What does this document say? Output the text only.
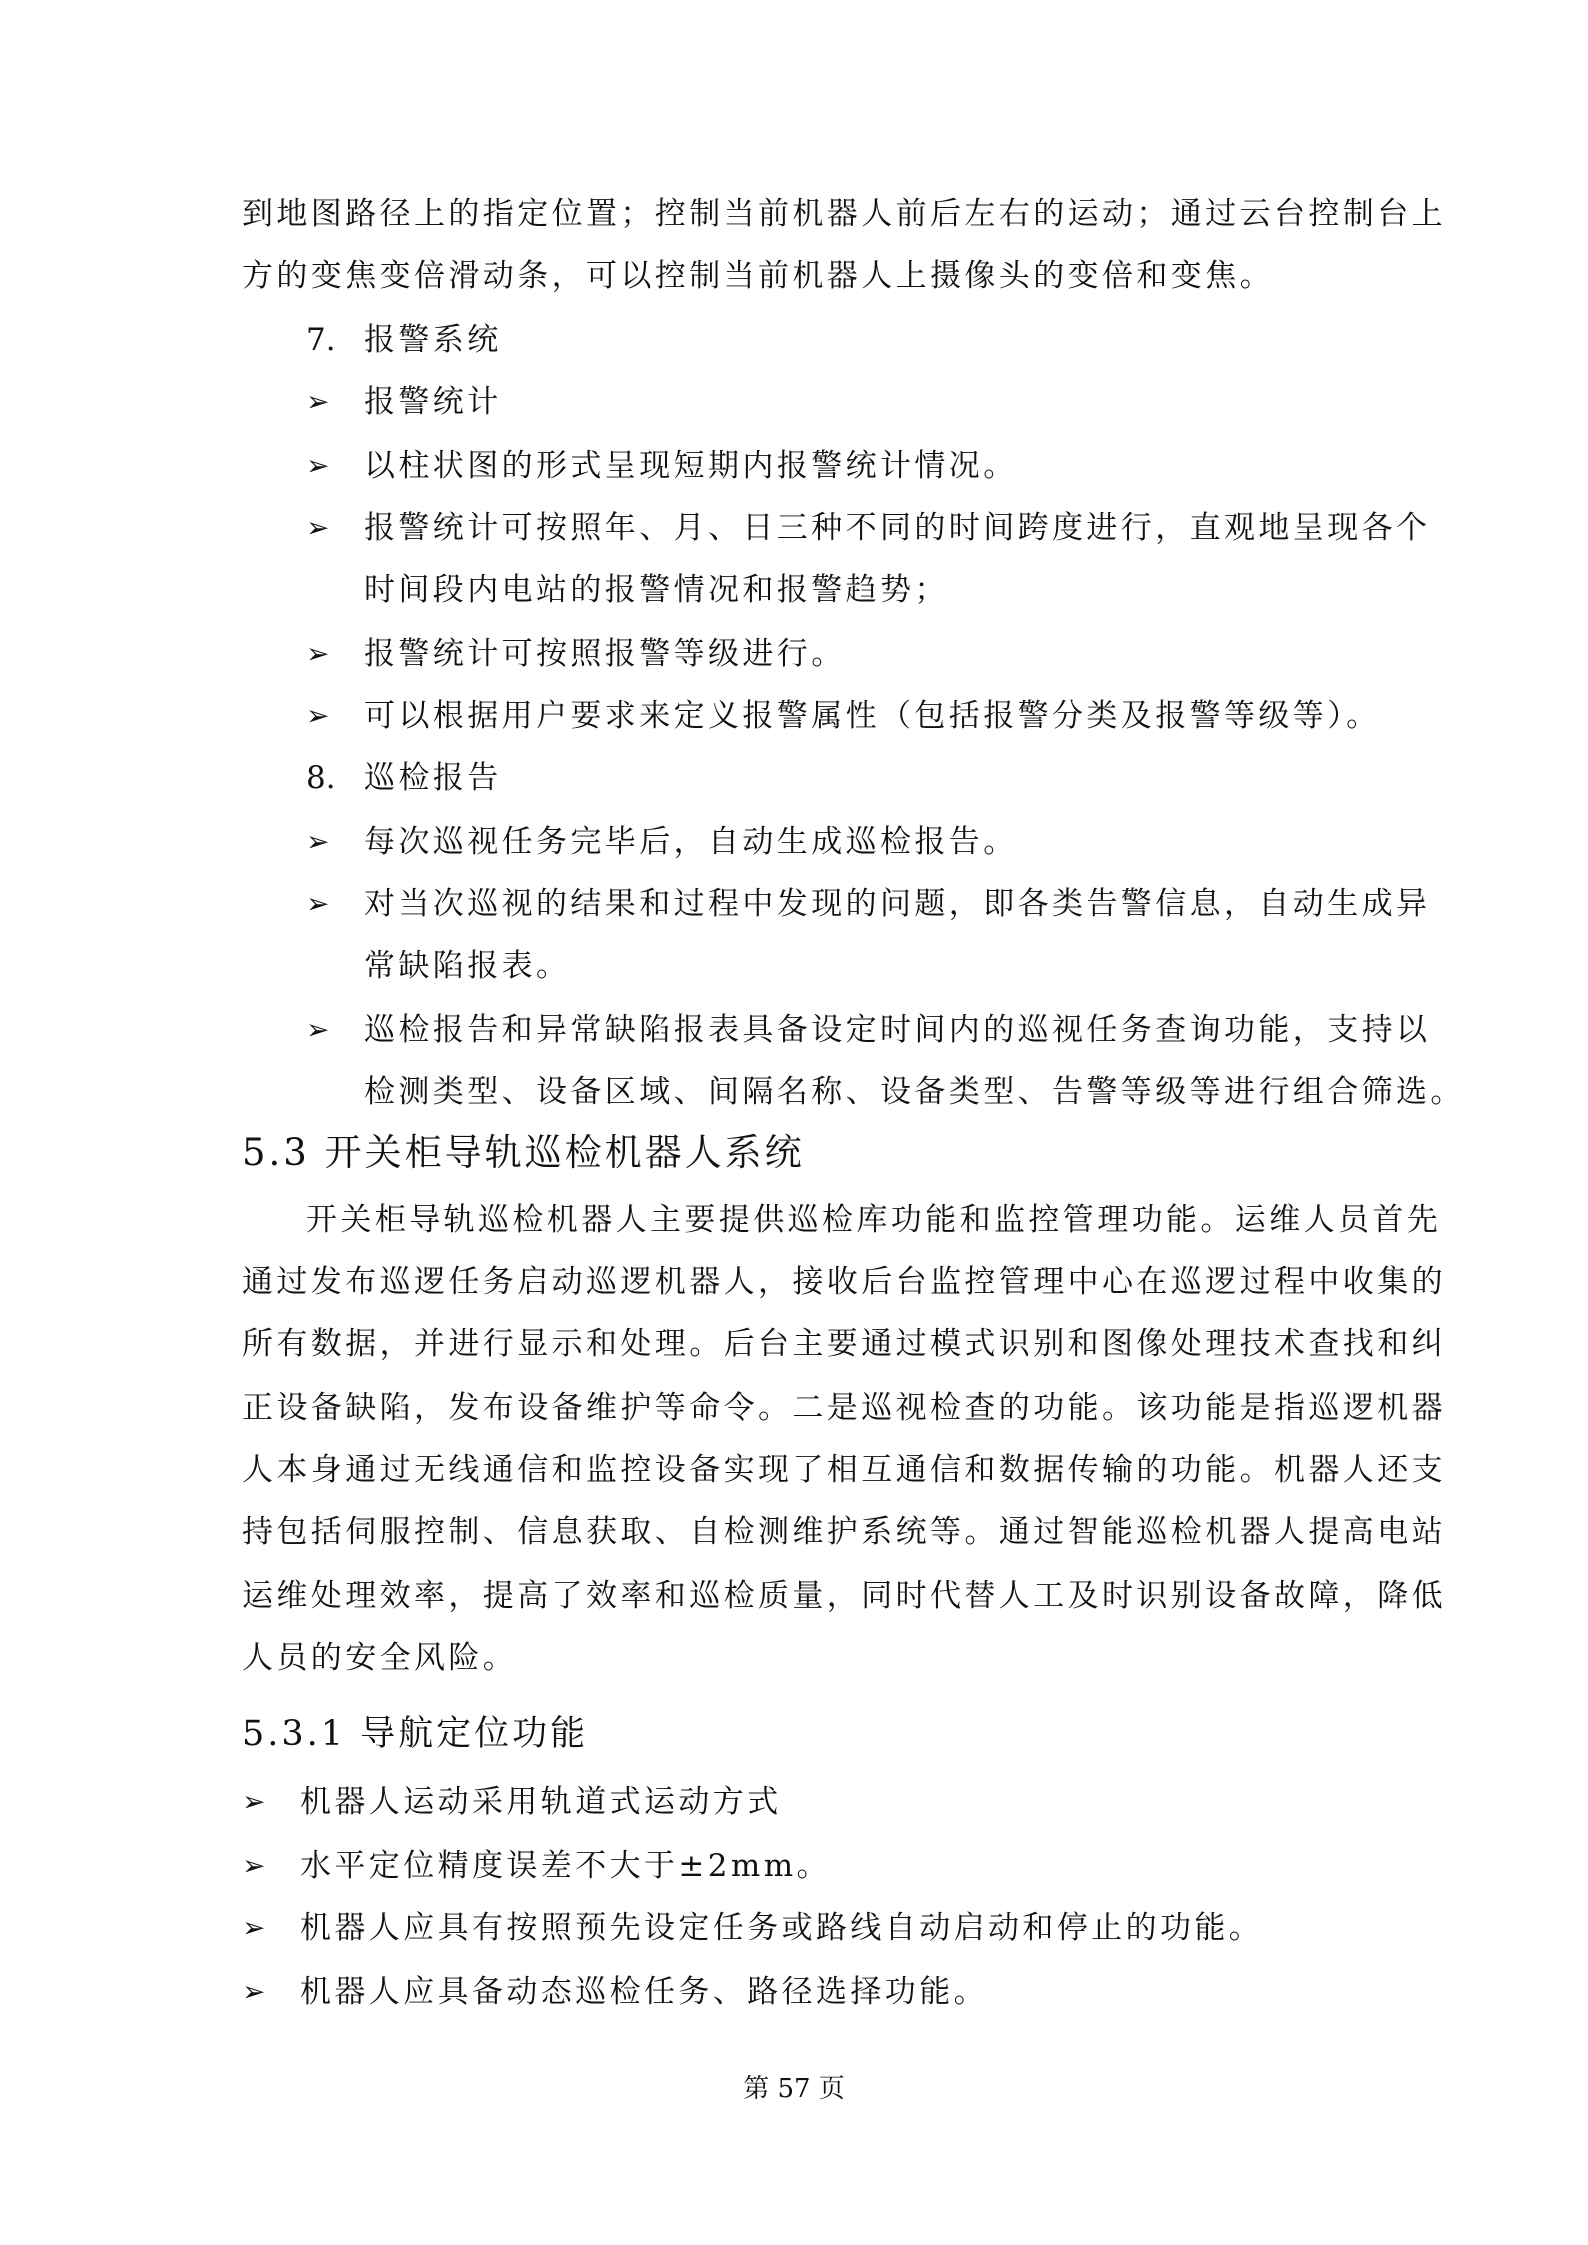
到地图路径上的指定位置；控制当前机器人前后左右的运动；通过云台控制台上
方的变焦变倍滑动条，可以控制当前机器人上摄像头的变倍和变焦。
7. 报警系统
➢ 报警统计
➢ 以柱状图的形式呈现短期内报警统计情况。
➢ 报警统计可按照年、月、日三种不同的时间跨度进行，直观地呈现各个
时间段内电站的报警情况和报警趋势；
➢ 报警统计可按照报警等级进行。
➢ 可以根据用户要求来定义报警属性（包括报警分类及报警等级等）。
8. 巡检报告
➢ 每次巡视任务完毕后，自动生成巡检报告。
➢ 对当次巡视的结果和过程中发现的问题，即各类告警信息，自动生成异
常缺陷报表。
➢ 巡检报告和异常缺陷报表具备设定时间内的巡视任务查询功能，支持以
检测类型、设备区域、间隔名称、设备类型、告警等级等进行组合筛选。
5.3 开关柜导轨巡检机器人系统
开关柜导轨巡检机器人主要提供巡检库功能和监控管理功能。运维人员首先
通过发布巡逻任务启动巡逻机器人，接收后台监控管理中心在巡逻过程中收集的
所有数据，并进行显示和处理。后台主要通过模式识别和图像处理技术查找和纠
正设备缺陷，发布设备维护等命令。二是巡视检查的功能。该功能是指巡逻机器
人本身通过无线通信和监控设备实现了相互通信和数据传输的功能。机器人还支
持包括伺服控制、信息获取、自检测维护系统等。通过智能巡检机器人提高电站
运维处理效率，提高了效率和巡检质量，同时代替人工及时识别设备故障，降低
人员的安全风险。
5.3.1 导航定位功能
➢ 机器人运动采用轨道式运动方式
➢ 水平定位精度误差不大于±2mm。
➢ 机器人应具有按照预先设定任务或路线自动启动和停止的功能。
➢ 机器人应具备动态巡检任务、路径选择功能。
第 57 页
